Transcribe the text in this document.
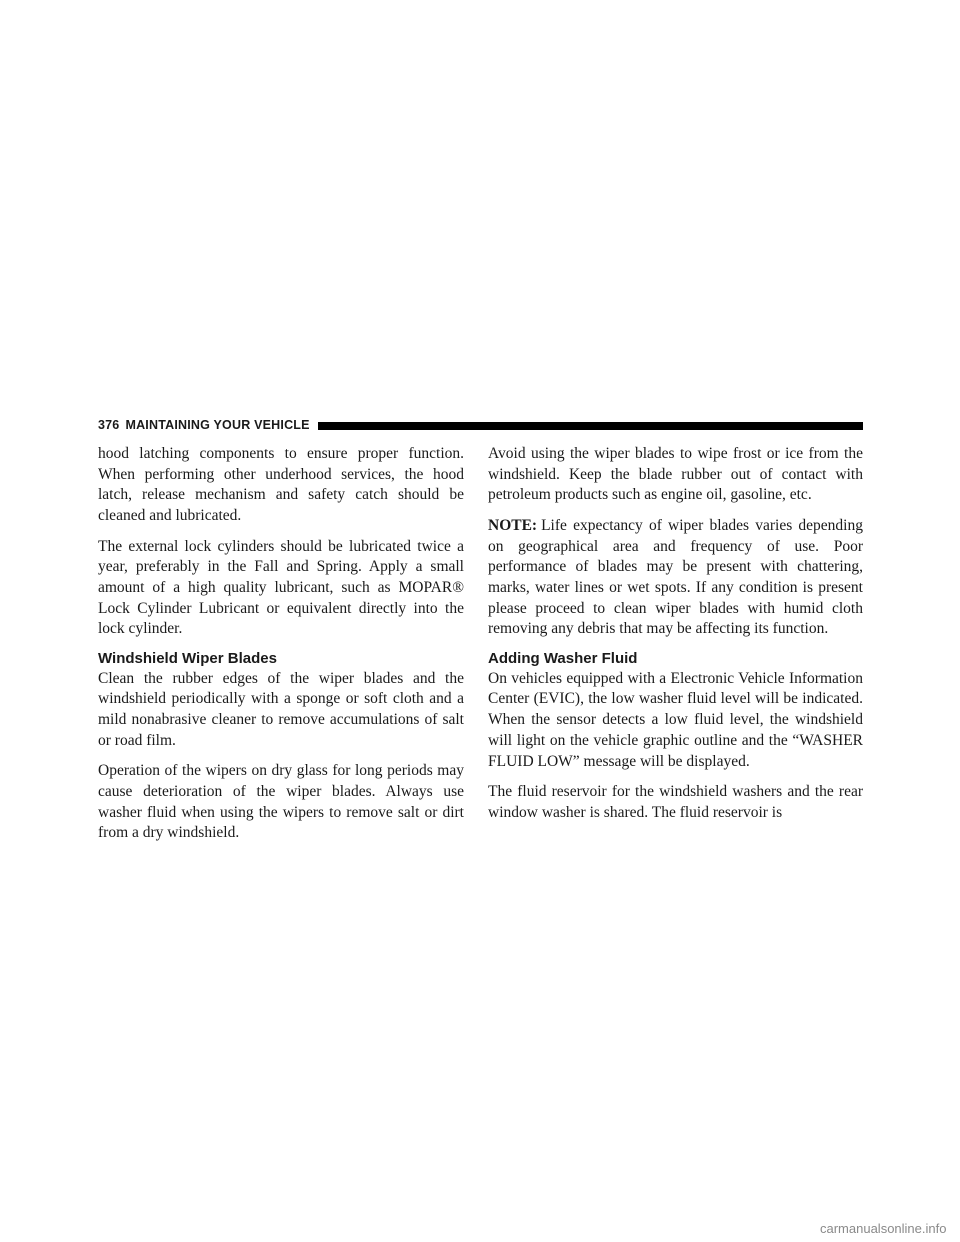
376 MAINTAINING YOUR VEHICLE

hood latching components to ensure proper function. When performing other underhood services, the hood latch, release mechanism and safety catch should be cleaned and lubricated.

The external lock cylinders should be lubricated twice a year, preferably in the Fall and Spring. Apply a small amount of a high quality lubricant, such as MOPAR® Lock Cylinder Lubricant or equivalent directly into the lock cylinder.

Windshield Wiper Blades

Clean the rubber edges of the wiper blades and the windshield periodically with a sponge or soft cloth and a mild nonabrasive cleaner to remove accumulations of salt or road film.

Operation of the wipers on dry glass for long periods may cause deterioration of the wiper blades. Always use washer fluid when using the wipers to remove salt or dirt from a dry windshield.

Avoid using the wiper blades to wipe frost or ice from the windshield. Keep the blade rubber out of contact with petroleum products such as engine oil, gasoline, etc.

NOTE: Life expectancy of wiper blades varies depending on geographical area and frequency of use. Poor performance of blades may be present with chattering, marks, water lines or wet spots. If any condition is present please proceed to clean wiper blades with humid cloth removing any debris that may be affecting its function.

Adding Washer Fluid

On vehicles equipped with a Electronic Vehicle Information Center (EVIC), the low washer fluid level will be indicated. When the sensor detects a low fluid level, the windshield will light on the vehicle graphic outline and the “WASHER FLUID LOW” message will be displayed.

The fluid reservoir for the windshield washers and the rear window washer is shared. The fluid reservoir is

carmanualsonline.info
